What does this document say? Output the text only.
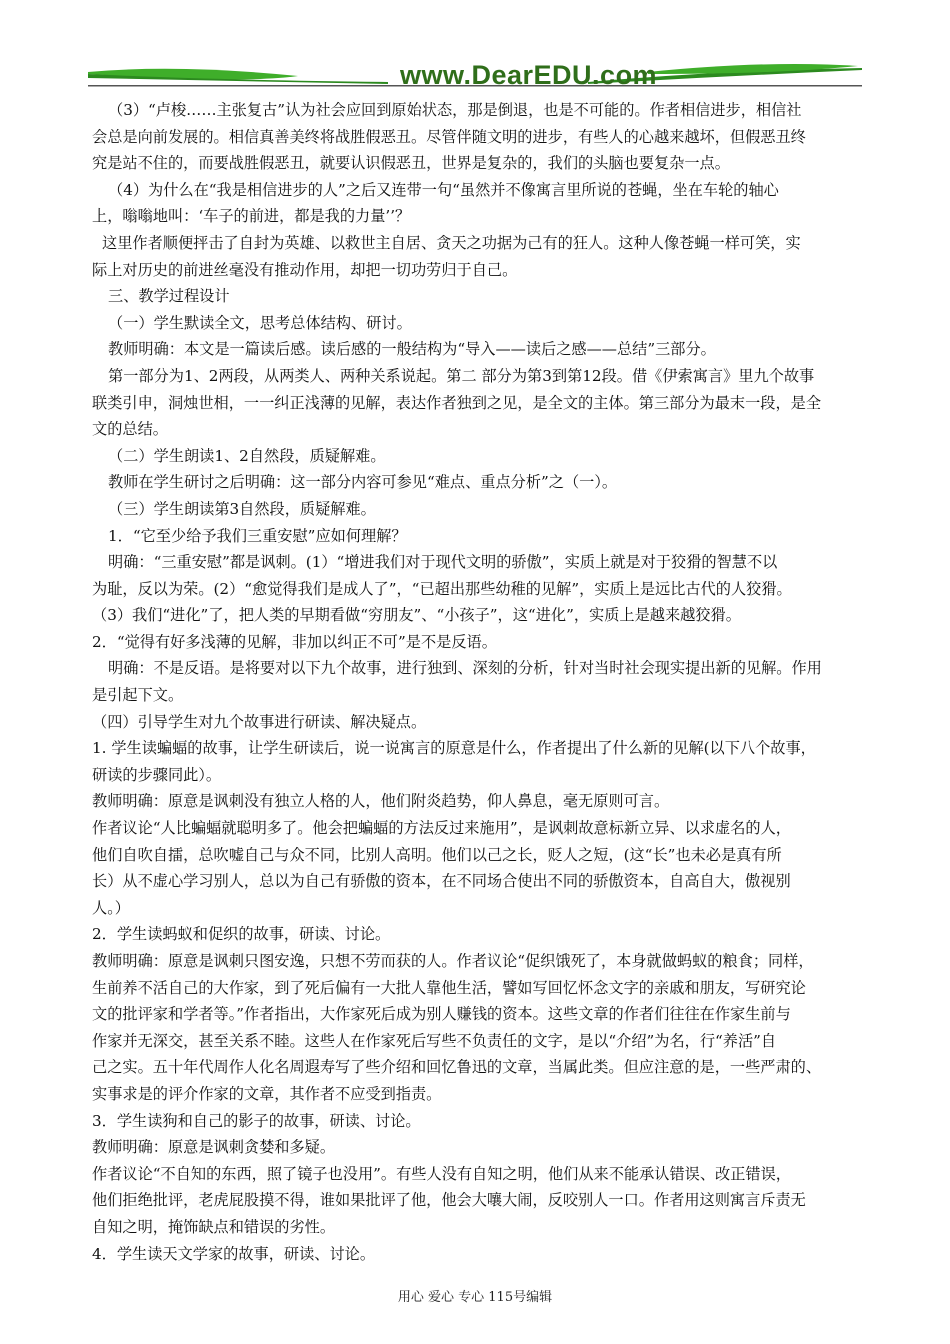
www.DearEDU.com
（3）“卢梭……主张复古”认为社会应回到原始状态，那是倒退，也是不可能的。作者相信进步，相信社
会总是向前发展的。相信真善美终将战胜假恶丑。尽管伴随文明的进步，有些人的心越来越坏，但假恶丑终
究是站不住的，而要战胜假恶丑，就要认识假恶丑，世界是复杂的，我们的头脑也要复杂一点。
（4）为什么在“我是相信进步的人”之后又连带一句“虽然并不像寓言里所说的苍蝇，坐在车轮的轴心
上，嗡嗡地叫：‘车子的前进，都是我的力量’’？
这里作者顺便抨击了自封为英雄、以救世主自居、贪天之功据为己有的狂人。这种人像苍蝇一样可笑，实
际上对历史的前进丝毫没有推动作用，却把一切功劳归于自己。
三、教学过程设计
（一）学生默读全文，思考总体结构、研讨。
教师明确：本文是一篇读后感。读后感的一般结构为“导入——读后之感——总结”三部分。
第一部分为1、2两段，从两类人、两种关系说起。第二 部分为第3到第12段。借《伊索寓言》里九个故事
联类引申，洞烛世相，一一纠正浅薄的见解，表达作者独到之见，是全文的主体。第三部分为最末一段，是全
文的总结。
（二）学生朗读1、2自然段，质疑解难。
教师在学生研讨之后明确：这一部分内容可参见“难点、重点分析”之（一）。
（三）学生朗读第3自然段，质疑解难。
1．“它至少给予我们三重安慰”应如何理解？
明确：“三重安慰”都是讽刺。(1）“增进我们对于现代文明的骄傲”，实质上就是对于狡猾的智慧不以
为耻，反以为荣。(2）“愈觉得我们是成人了”，“已超出那些幼稚的见解”，实质上是远比古代的人狡猾。
（3）我们“进化”了，把人类的早期看做“穷朋友”、“小孩子”，这“进化”，实质上是越来越狡猾。
2．“觉得有好多浅薄的见解，非加以纠正不可”是不是反语。
明确：不是反语。是将要对以下九个故事，进行独到、深刻的分析，针对当时社会现实提出新的见解。作用
是引起下文。
（四）引导学生对九个故事进行研读、解决疑点。
1. 学生读蝙蝠的故事，让学生研读后，说一说寓言的原意是什么，作者提出了什么新的见解(以下八个故事，
研读的步骤同此）。
教师明确：原意是讽刺没有独立人格的人，他们附炎趋势，仰人鼻息，毫无原则可言。
作者议论“人比蝙蝠就聪明多了。他会把蝙蝠的方法反过来施用”，是讽刺故意标新立异、以求虚名的人，
他们自吹自擂，总吹嘘自己与众不同，比别人高明。他们以己之长，贬人之短，(这“长”也未必是真有所
长）从不虚心学习别人，总以为自己有骄傲的资本，在不同场合使出不同的骄傲资本，自高自大，傲视别
人。）
2．学生读蚂蚁和促织的故事，研读、讨论。
教师明确：原意是讽刺只图安逸，只想不劳而获的人。作者议论“促织饿死了，本身就做蚂蚁的粮食；同样，
生前养不活自己的大作家，到了死后偏有一大批人靠他生活，譬如写回忆怀念文字的亲戚和朋友，写研究论
文的批评家和学者等。”作者指出，大作家死后成为别人赚钱的资本。这些文章的作者们往往在作家生前与
作家并无深交，甚至关系不睦。这些人在作家死后写些不负责任的文字，是以“介绍”为名，行“养活”自
己之实。五十年代周作人化名周遐寿写了些介绍和回忆鲁迅的文章，当属此类。但应注意的是，一些严肃的、
实事求是的评介作家的文章，其作者不应受到指责。
3．学生读狗和自己的影子的故事，研读、讨论。
教师明确：原意是讽刺贪婪和多疑。
作者议论“不自知的东西，照了镜子也没用”。有些人没有自知之明，他们从来不能承认错误、改正错误，
他们拒绝批评，老虎屁股摸不得，谁如果批评了他，他会大嚷大闹，反咬别人一口。作者用这则寓言斥责无
自知之明，掩饰缺点和错误的劣性。
4．学生读天文学家的故事，研读、讨论。
用心 爱心 专心 115号编辑
